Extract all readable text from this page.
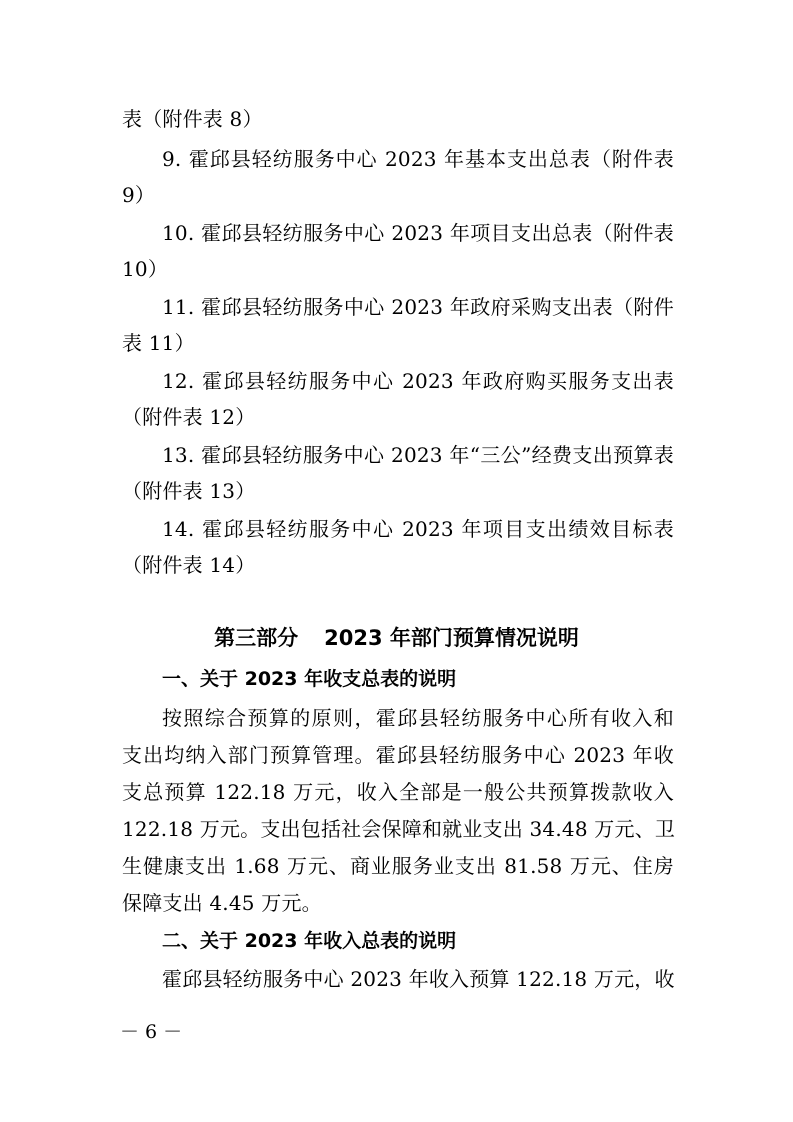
表（附件表 8）
9. 霍邱县轻纺服务中心 2023 年基本支出总表（附件表
9）
10. 霍邱县轻纺服务中心 2023 年项目支出总表（附件表
10）
11. 霍邱县轻纺服务中心 2023 年政府采购支出表（附件
表 11）
12. 霍邱县轻纺服务中心 2023 年政府购买服务支出表
（附件表 12）
13. 霍邱县轻纺服务中心 2023 年“三公”经费支出预算表
（附件表 13）
14. 霍邱县轻纺服务中心 2023 年项目支出绩效目标表
（附件表 14）
第三部分 2023 年部门预算情况说明
一、关于 2023 年收支总表的说明
按照综合预算的原则，霍邱县轻纺服务中心所有收入和
支出均纳入部门预算管理。霍邱县轻纺服务中心 2023 年收
支总预算 122.18 万元，收入全部是一般公共预算拨款收入
122.18 万元。支出包括社会保障和就业支出 34.48 万元、卫
生健康支出 1.68 万元、商业服务业支出 81.58 万元、住房
保障支出 4.45 万元。
二、关于 2023 年收入总表的说明
霍邱县轻纺服务中心 2023 年收入预算 122.18 万元，收
－ 6 －
